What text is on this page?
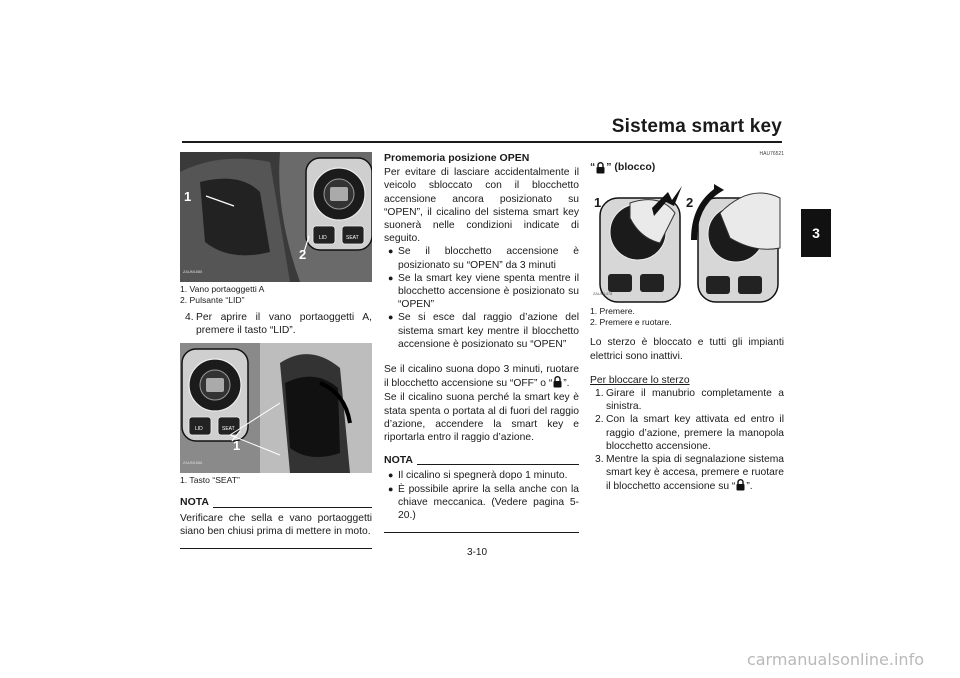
Sistema smart key
3
1
2
LID	SEAT
ZAUM1685
1. Vano portaoggetti A
2. Pulsante “LID”
4. Per aprire il vano portaoggetti A, premere il tasto “LID”.
1
LID	SEAT
ZAUM1686
1. Tasto “SEAT”
NOTA
Verificare che sella e vano portaoggetti siano ben chiusi prima di mettere in moto.
Promemoria posizione OPEN
Per evitare di lasciare accidentalmente il veicolo sbloccato con il blocchetto accensione ancora posizionato su “OPEN”, il cicalino del sistema smart key suonerà nelle condizioni indicate di seguito.
● Se il blocchetto accensione è posizionato su “OPEN” da 3 minuti
● Se la smart key viene spenta mentre il blocchetto accensione è posizionato su “OPEN”
● Se si esce dal raggio d’azione del sistema smart key mentre il blocchetto accensione è posizionato su “OPEN”
Se il cicalino suona dopo 3 minuti, ruotare il blocchetto accensione su “OFF” o “ ”.
Se il cicalino suona perché la smart key è stata spenta o portata al di fuori del raggio d’azione, accendere la smart key e riportarla entro il raggio d’azione.
NOTA
● Il cicalino si spegnerà dopo 1 minuto.
● È possibile aprire la sella anche con la chiave meccanica. (Vedere pagina 5-20.)
HAU76521
“ ” (blocco)
1	2
ZAUM1478
1. Premere.
2. Premere e ruotare.
Lo sterzo è bloccato e tutti gli impianti elettrici sono inattivi.
Per bloccare lo sterzo
1. Girare il manubrio completamente a sinistra.
2. Con la smart key attivata ed entro il raggio d’azione, premere la manopola blocchetto accensione.
3. Mentre la spia di segnalazione sistema smart key è accesa, premere e ruotare il blocchetto accensione su “ ”.
3-10
carmanualsonline.info
